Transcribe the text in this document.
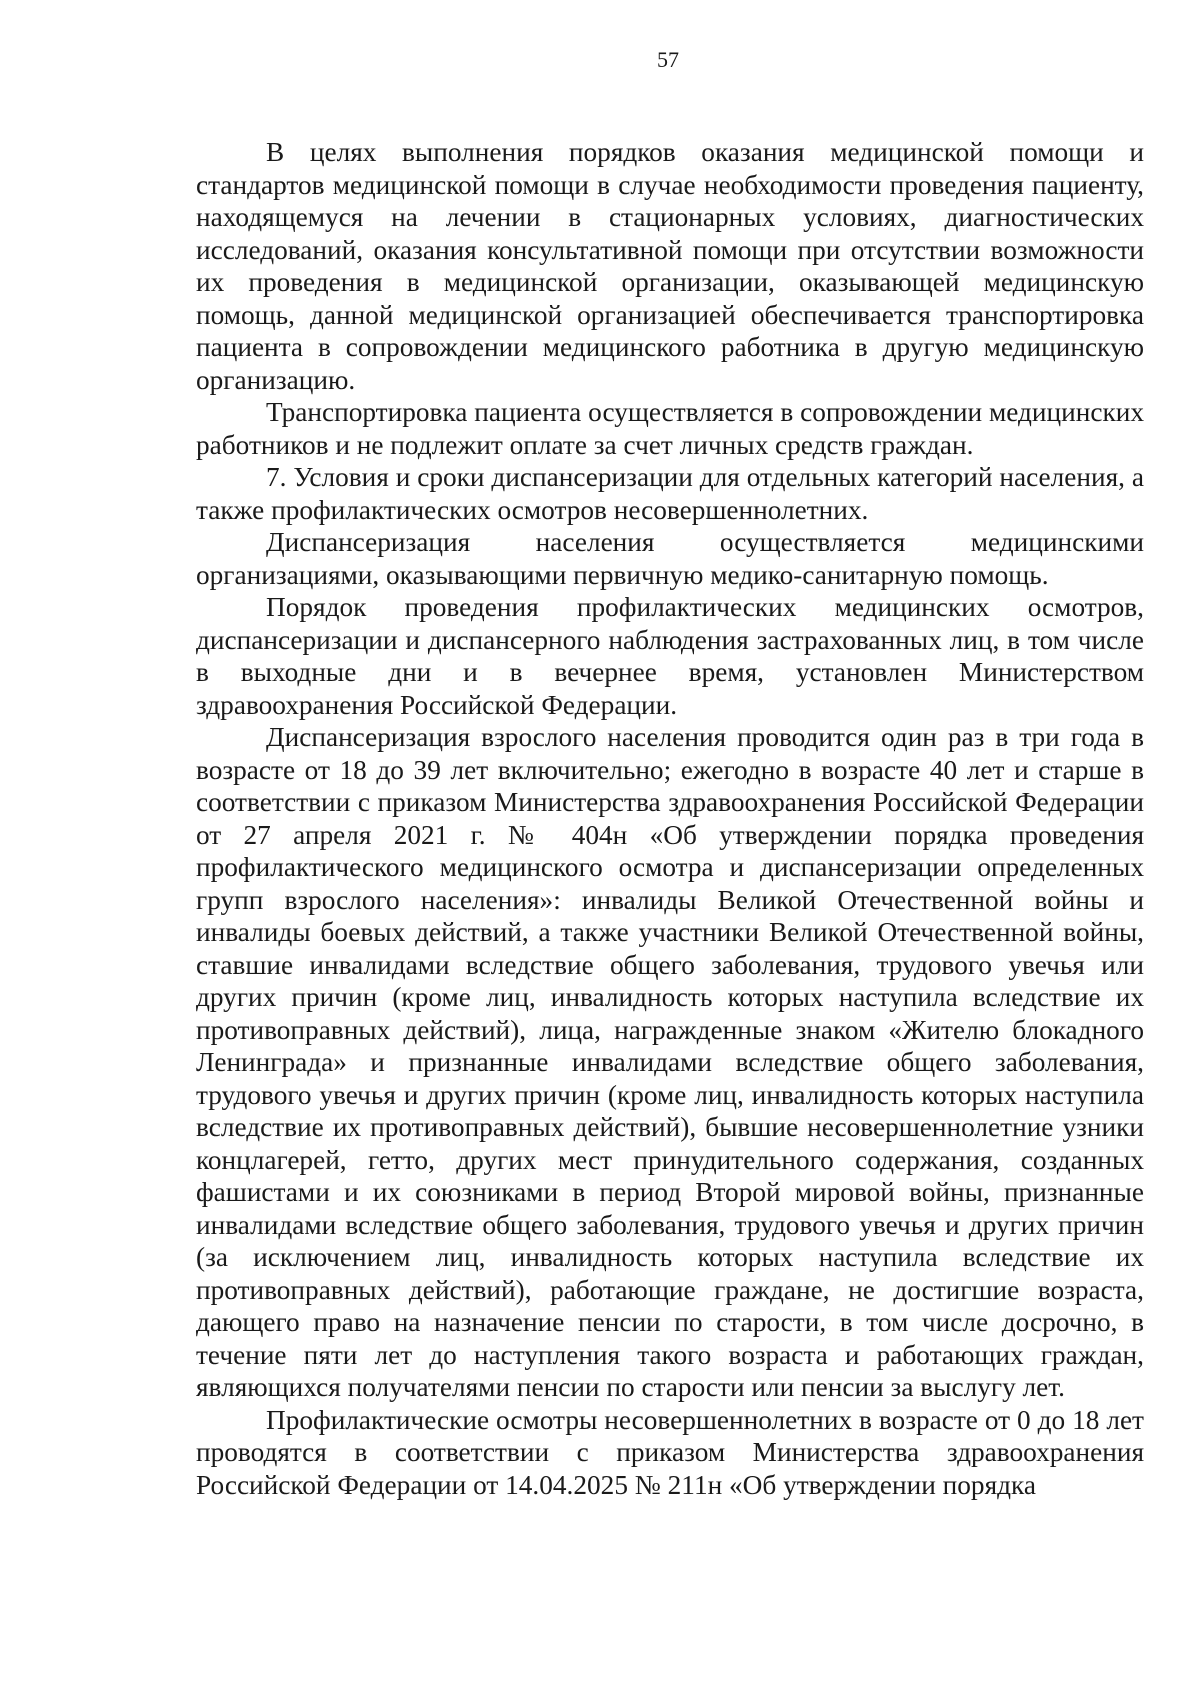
57

В целях выполнения порядков оказания медицинской помощи и стандартов медицинской помощи в случае необходимости проведения пациенту, находящемуся на лечении в стационарных условиях, диагностических исследований, оказания консультативной помощи при отсутствии возможности их проведения в медицинской организации, оказывающей медицинскую помощь, данной медицинской организацией обеспечивается транспортировка пациента в сопровождении медицинского работника в другую медицинскую организацию.

Транспортировка пациента осуществляется в сопровождении медицинских работников и не подлежит оплате за счет личных средств граждан.

7. Условия и сроки диспансеризации для отдельных категорий населения, а также профилактических осмотров несовершеннолетних.

Диспансеризация населения осуществляется медицинскими организациями, оказывающими первичную медико-санитарную помощь.

Порядок проведения профилактических медицинских осмотров, диспансеризации и диспансерного наблюдения застрахованных лиц, в том числе в выходные дни и в вечернее время, установлен Министерством здравоохранения Российской Федерации.

Диспансеризация взрослого населения проводится один раз в три года в возрасте от 18 до 39 лет включительно; ежегодно в возрасте 40 лет и старше в соответствии с приказом Министерства здравоохранения Российской Федерации от 27 апреля 2021 г. № 404н «Об утверждении порядка проведения профилактического медицинского осмотра и диспансеризации определенных групп взрослого населения»: инвалиды Великой Отечественной войны и инвалиды боевых действий, а также участники Великой Отечественной войны, ставшие инвалидами вследствие общего заболевания, трудового увечья или других причин (кроме лиц, инвалидность которых наступила вследствие их противоправных действий), лица, награжденные знаком «Жителю блокадного Ленинграда» и признанные инвалидами вследствие общего заболевания, трудового увечья и других причин (кроме лиц, инвалидность которых наступила вследствие их противоправных действий), бывшие несовершеннолетние узники концлагерей, гетто, других мест принудительного содержания, созданных фашистами и их союзниками в период Второй мировой войны, признанные инвалидами вследствие общего заболевания, трудового увечья и других причин (за исключением лиц, инвалидность которых наступила вследствие их противоправных действий), работающие граждане, не достигшие возраста, дающего право на назначение пенсии по старости, в том числе досрочно, в течение пяти лет до наступления такого возраста и работающих граждан, являющихся получателями пенсии по старости или пенсии за выслугу лет.

Профилактические осмотры несовершеннолетних в возрасте от 0 до 18 лет проводятся в соответствии с приказом Министерства здравоохранения Российской Федерации от 14.04.2025 № 211н «Об утверждении порядка
